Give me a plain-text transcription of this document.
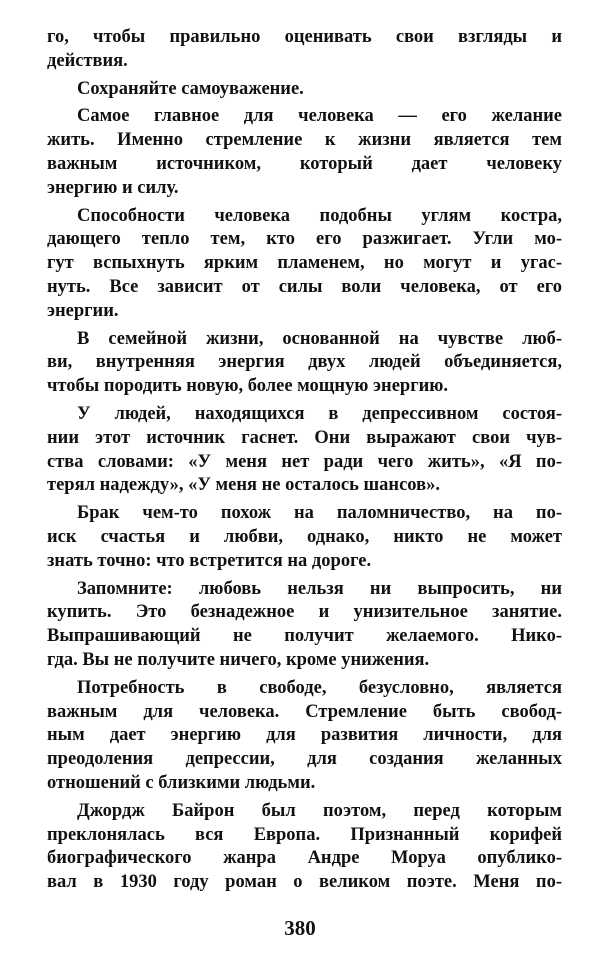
го, чтобы правильно оценивать свои взгляды и
действия.
Сохраняйте самоуважение.
Самое главное для человека — его желание
жить. Именно стремление к жизни является тем
важным источником, который дает человеку
энергию и силу.
Способности человека подобны углям костра,
дающего тепло тем, кто его разжигает. Угли мо-
гут вспыхнуть ярким пламенем, но могут и угас-
нуть. Все зависит от силы воли человека, от его
энергии.
В семейной жизни, основанной на чувстве люб-
ви, внутренняя энергия двух людей объединяется,
чтобы породить новую, более мощную энергию.
У людей, находящихся в депрессивном состоя-
нии этот источник гаснет. Они выражают свои чув-
ства словами: «У меня нет ради чего жить», «Я по-
терял надежду», «У меня не осталось шансов».
Брак чем-то похож на паломничество, на по-
иск счастья и любви, однако, никто не может
знать точно: что встретится на дороге.
Запомните: любовь нельзя ни выпросить, ни
купить. Это безнадежное и унизительное занятие.
Выпрашивающий не получит желаемого. Нико-
гда. Вы не получите ничего, кроме унижения.
Потребность в свободе, безусловно, является
важным для человека. Стремление быть свобод-
ным дает энергию для развития личности, для
преодоления депрессии, для создания желанных
отношений с близкими людьми.
Джордж Байрон был поэтом, перед которым
преклонялась вся Европа. Признанный корифей
биографического жанра Андре Моруа опублико-
вал в 1930 году роман о великом поэте. Меня по-
380
